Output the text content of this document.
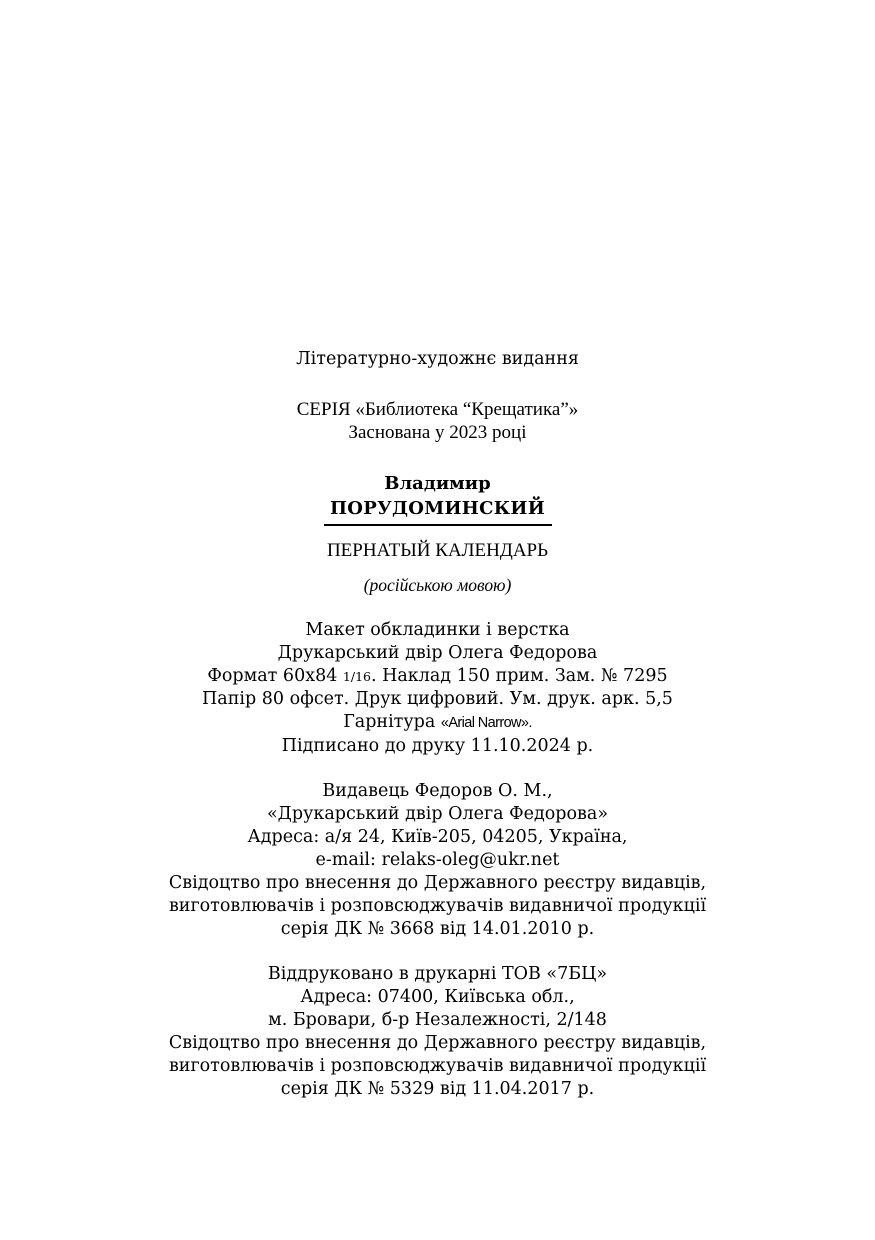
Літературно-художнє видання
СЕРІЯ «Библиотека “Крещатика”»
Заснована у 2023 році
Владимир
ПОРУДОМИНСКИЙ
ПЕРНАТЫЙ КАЛЕНДАРЬ
(російською мовою)
Макет обкладинки і верстка
Друкарський двір Олега Федорова
Формат 60х84 1/16. Наклад 150 прим. Зам. № 7295
Папір 80 офсет. Друк цифровий. Ум. друк. арк. 5,5
Гарнітура «Arial Narrow».
Підписано до друку 11.10.2024 р.
Видавець Федоров О. М.,
«Друкарський двір Олега Федорова»
Адреса: а/я 24, Київ-205, 04205, Україна,
e-mail: relaks-oleg@ukr.net
Свідоцтво про внесення до Державного реєстру видавців,
виготовлювачів і розповсюджувачів видавничої продукції
серія ДК № 3668 від 14.01.2010 р.
Віддруковано в друкарні ТОВ «7БЦ»
Адреса: 07400, Київська обл.,
м. Бровари, б-р Незалежності, 2/148
Свідоцтво про внесення до Державного реєстру видавців,
виготовлювачів і розповсюджувачів видавничої продукції
серія ДК № 5329 від 11.04.2017 р.
